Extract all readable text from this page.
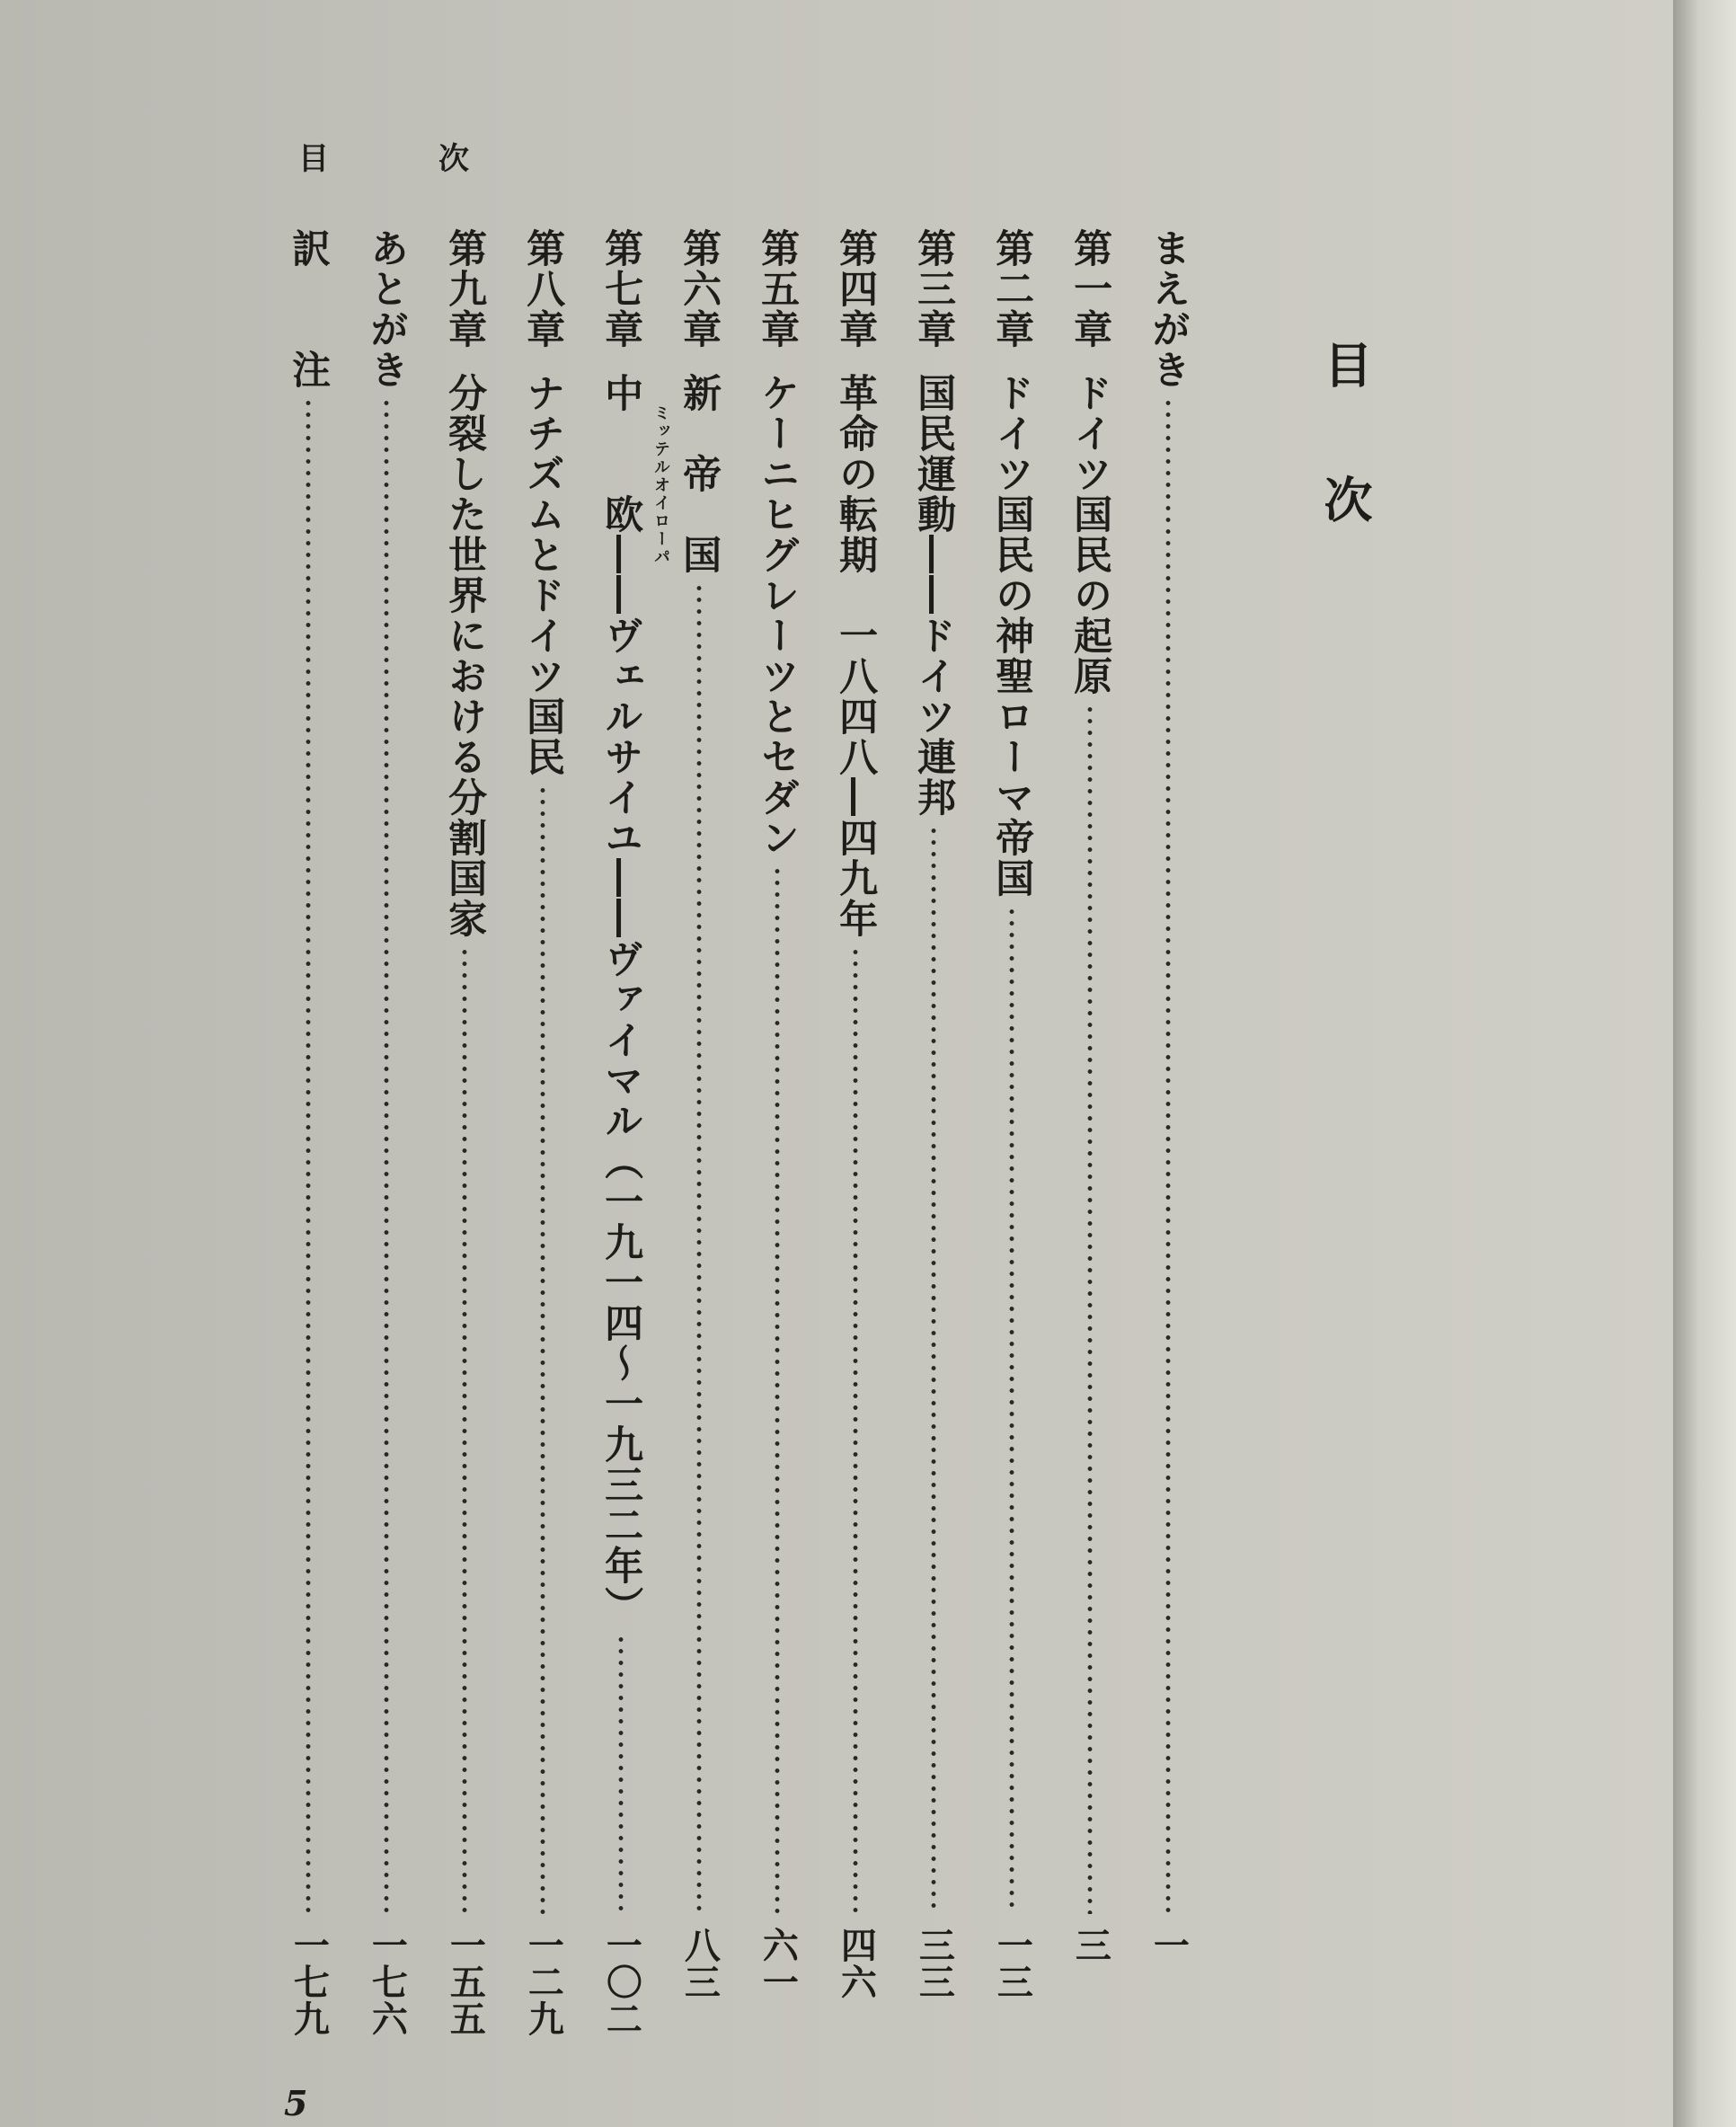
目	次
目次
ミッテルオイローパ
まえがき
一
第一章
ドイツ国民の起原
三
第二章
ドイツ国民の神聖ローマ帝国
一三
第三章
国民運動――ドイツ連邦
三三
第四章
革命の転期　一八四八―四九年
四六
第五章
ケーニヒグレーツとセダン
六一
第六章
新　帝　国
八三
第七章
中　　欧――ヴェルサイユ――ヴァイマル（一九一四～一九三二年）
一〇二
第八章
ナチズムとドイツ国民
一二九
第九章
分裂した世界における分割国家
一五五
あとがき
一七六
訳　　注
一七九
5
